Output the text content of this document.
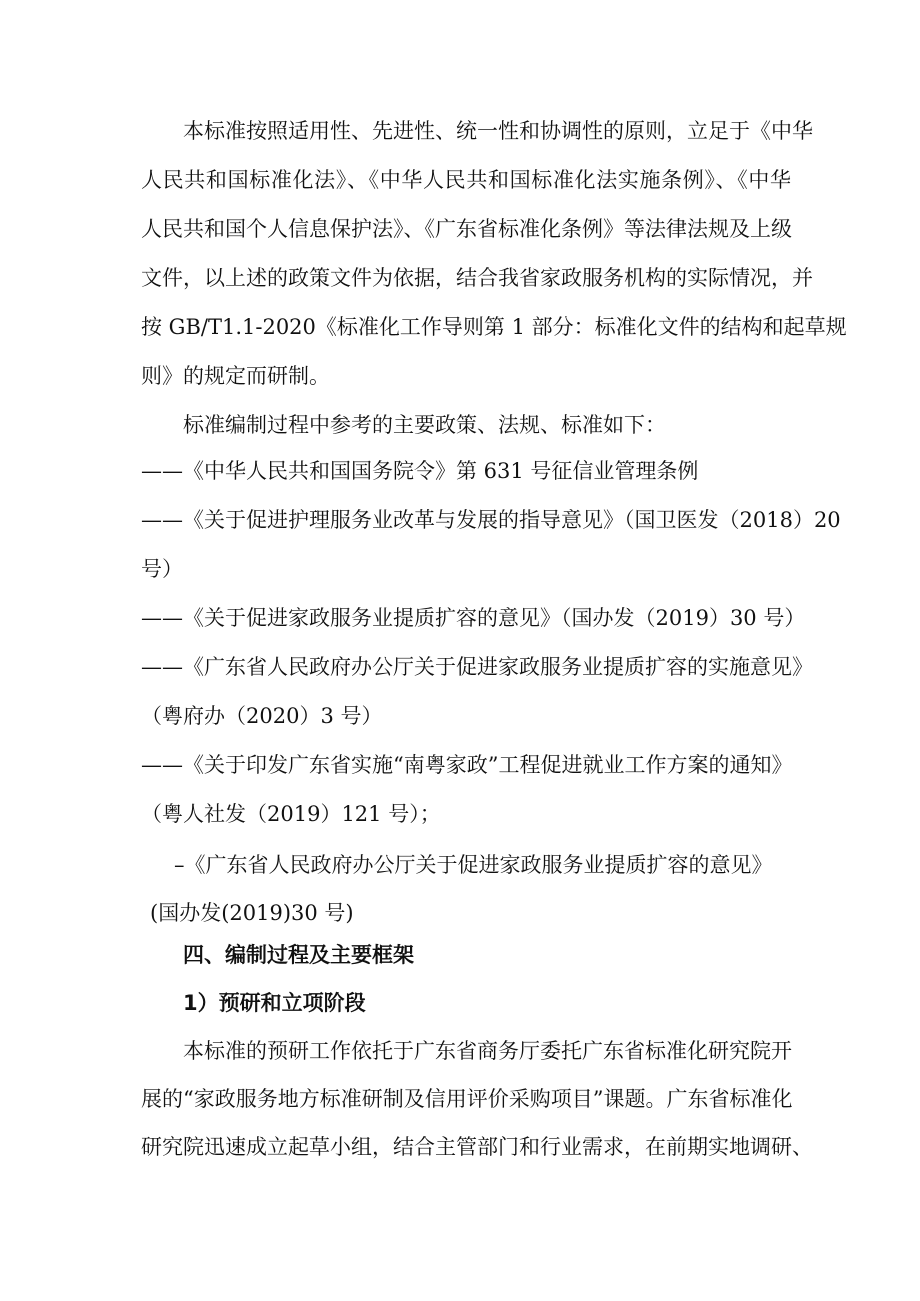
本标准按照适用性、先进性、统一性和协调性的原则，立足于《中华
人民共和国标准化法》、《中华人民共和国标准化法实施条例》、《中华
人民共和国个人信息保护法》、《广东省标准化条例》等法律法规及上级
文件，以上述的政策文件为依据，结合我省家政服务机构的实际情况，并
按 GB/T1.1-2020《标准化工作导则第 1 部分：标准化文件的结构和起草规
则》的规定而研制。
标准编制过程中参考的主要政策、法规、标准如下：
——《中华人民共和国国务院令》第 631 号征信业管理条例
——《关于促进护理服务业改革与发展的指导意见》（国卫医发（2018）20
号）
——《关于促进家政服务业提质扩容的意见》（国办发（2019）30 号）
——《广东省人民政府办公厅关于促进家政服务业提质扩容的实施意见》
（粤府办（2020）3 号）
——《关于印发广东省实施“南粤家政”工程促进就业工作方案的通知》
（粤人社发（2019）121 号）；
–《广东省人民政府办公厅关于促进家政服务业提质扩容的意见》
(国办发(2019)30 号)
四、编制过程及主要框架
1）预研和立项阶段
本标准的预研工作依托于广东省商务厅委托广东省标准化研究院开
展的“家政服务地方标准研制及信用评价采购项目”课题。广东省标准化
研究院迅速成立起草小组，结合主管部门和行业需求，在前期实地调研、
